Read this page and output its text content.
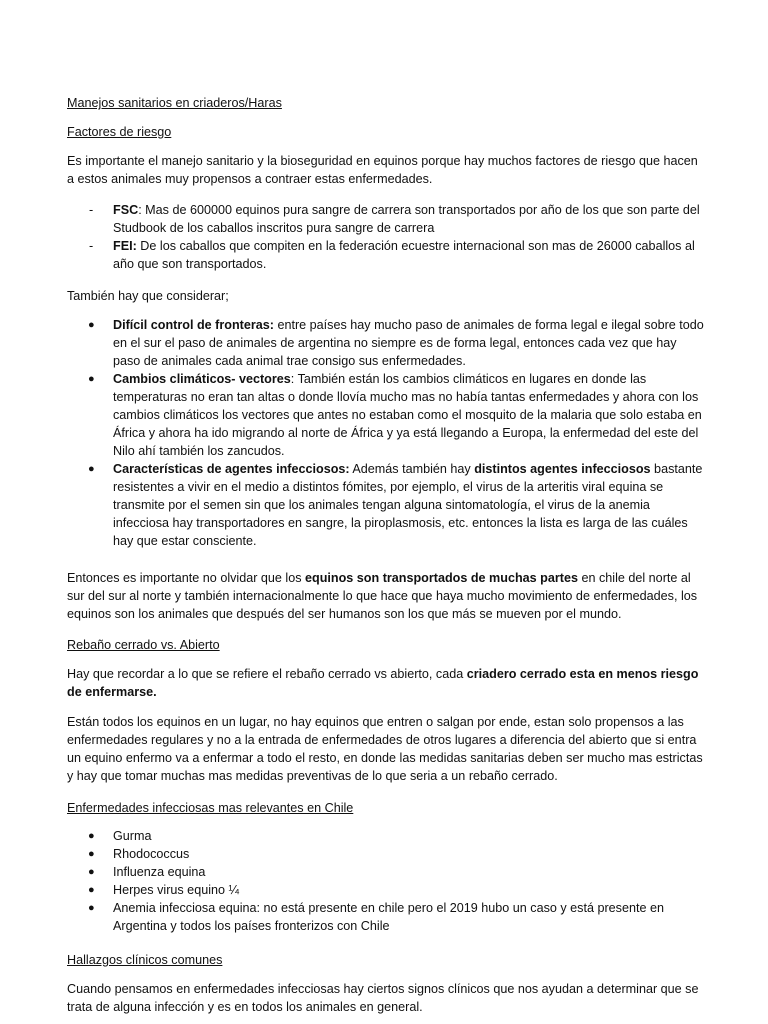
Manejos sanitarios en criaderos/Haras

Factores de riesgo

Es importante el manejo sanitario y la bioseguridad en equinos porque hay muchos factores de riesgo que hacen a estos animales muy propensos a contraer estas enfermedades.

- FSC: Mas de 600000 equinos pura sangre de carrera son transportados por año de los que son parte del Studbook de los caballos inscritos pura sangre de carrera
- FEI: De los caballos que compiten en la federación ecuestre internacional son mas de 26000 caballos al año que son transportados.

También hay que considerar;

● Difícil control de fronteras: entre países hay mucho paso de animales de forma legal e ilegal sobre todo en el sur el paso de animales de argentina no siempre es de forma legal, entonces cada vez que hay paso de animales cada animal trae consigo sus enfermedades.
● Cambios climáticos- vectores: También están los cambios climáticos en lugares en donde las temperaturas no eran tan altas o donde llovía mucho mas no había tantas enfermedades y ahora con los cambios climáticos los vectores que antes no estaban como el mosquito de la malaria que solo estaba en África y ahora ha ido migrando al norte de África y ya está llegando a Europa, la enfermedad del este del Nilo ahí también los zancudos.
● Características de agentes infecciosos: Además también hay distintos agentes infecciosos bastante resistentes a vivir en el medio a distintos fómites, por ejemplo, el virus de la arteritis viral equina se transmite por el semen sin que los animales tengan alguna sintomatología, el virus de la anemia infecciosa hay transportadores en sangre, la piroplasmosis, etc. entonces la lista es larga de las cuáles hay que estar consciente.

Entonces es importante no olvidar que los equinos son transportados de muchas partes en chile del norte al sur del sur al norte y también internacionalmente lo que hace que haya mucho movimiento de enfermedades, los equinos son los animales que después del ser humanos son los que más se mueven por el mundo.

Rebaño cerrado vs. Abierto

Hay que recordar a lo que se refiere el rebaño cerrado vs abierto, cada criadero cerrado esta en menos riesgo de enfermarse.

Están todos los equinos en un lugar, no hay equinos que entren o salgan por ende, estan solo propensos a las enfermedades regulares y no a la entrada de enfermedades de otros lugares a diferencia del abierto que si entra un equino enfermo va a enfermar a todo el resto, en donde las medidas sanitarias deben ser mucho mas estrictas y hay que tomar muchas mas medidas preventivas de lo que seria a un rebaño cerrado.

Enfermedades infecciosas mas relevantes en Chile

● Gurma
● Rhodococcus
● Influenza equina
● Herpes virus equino ¼
● Anemia infecciosa equina: no está presente en chile pero el 2019 hubo un caso y está presente en Argentina y todos los países fronterizos con Chile

Hallazgos clínicos comunes

Cuando pensamos en enfermedades infecciosas hay ciertos signos clínicos que nos ayudan a determinar que se trata de alguna infección y es en todos los animales en general.
